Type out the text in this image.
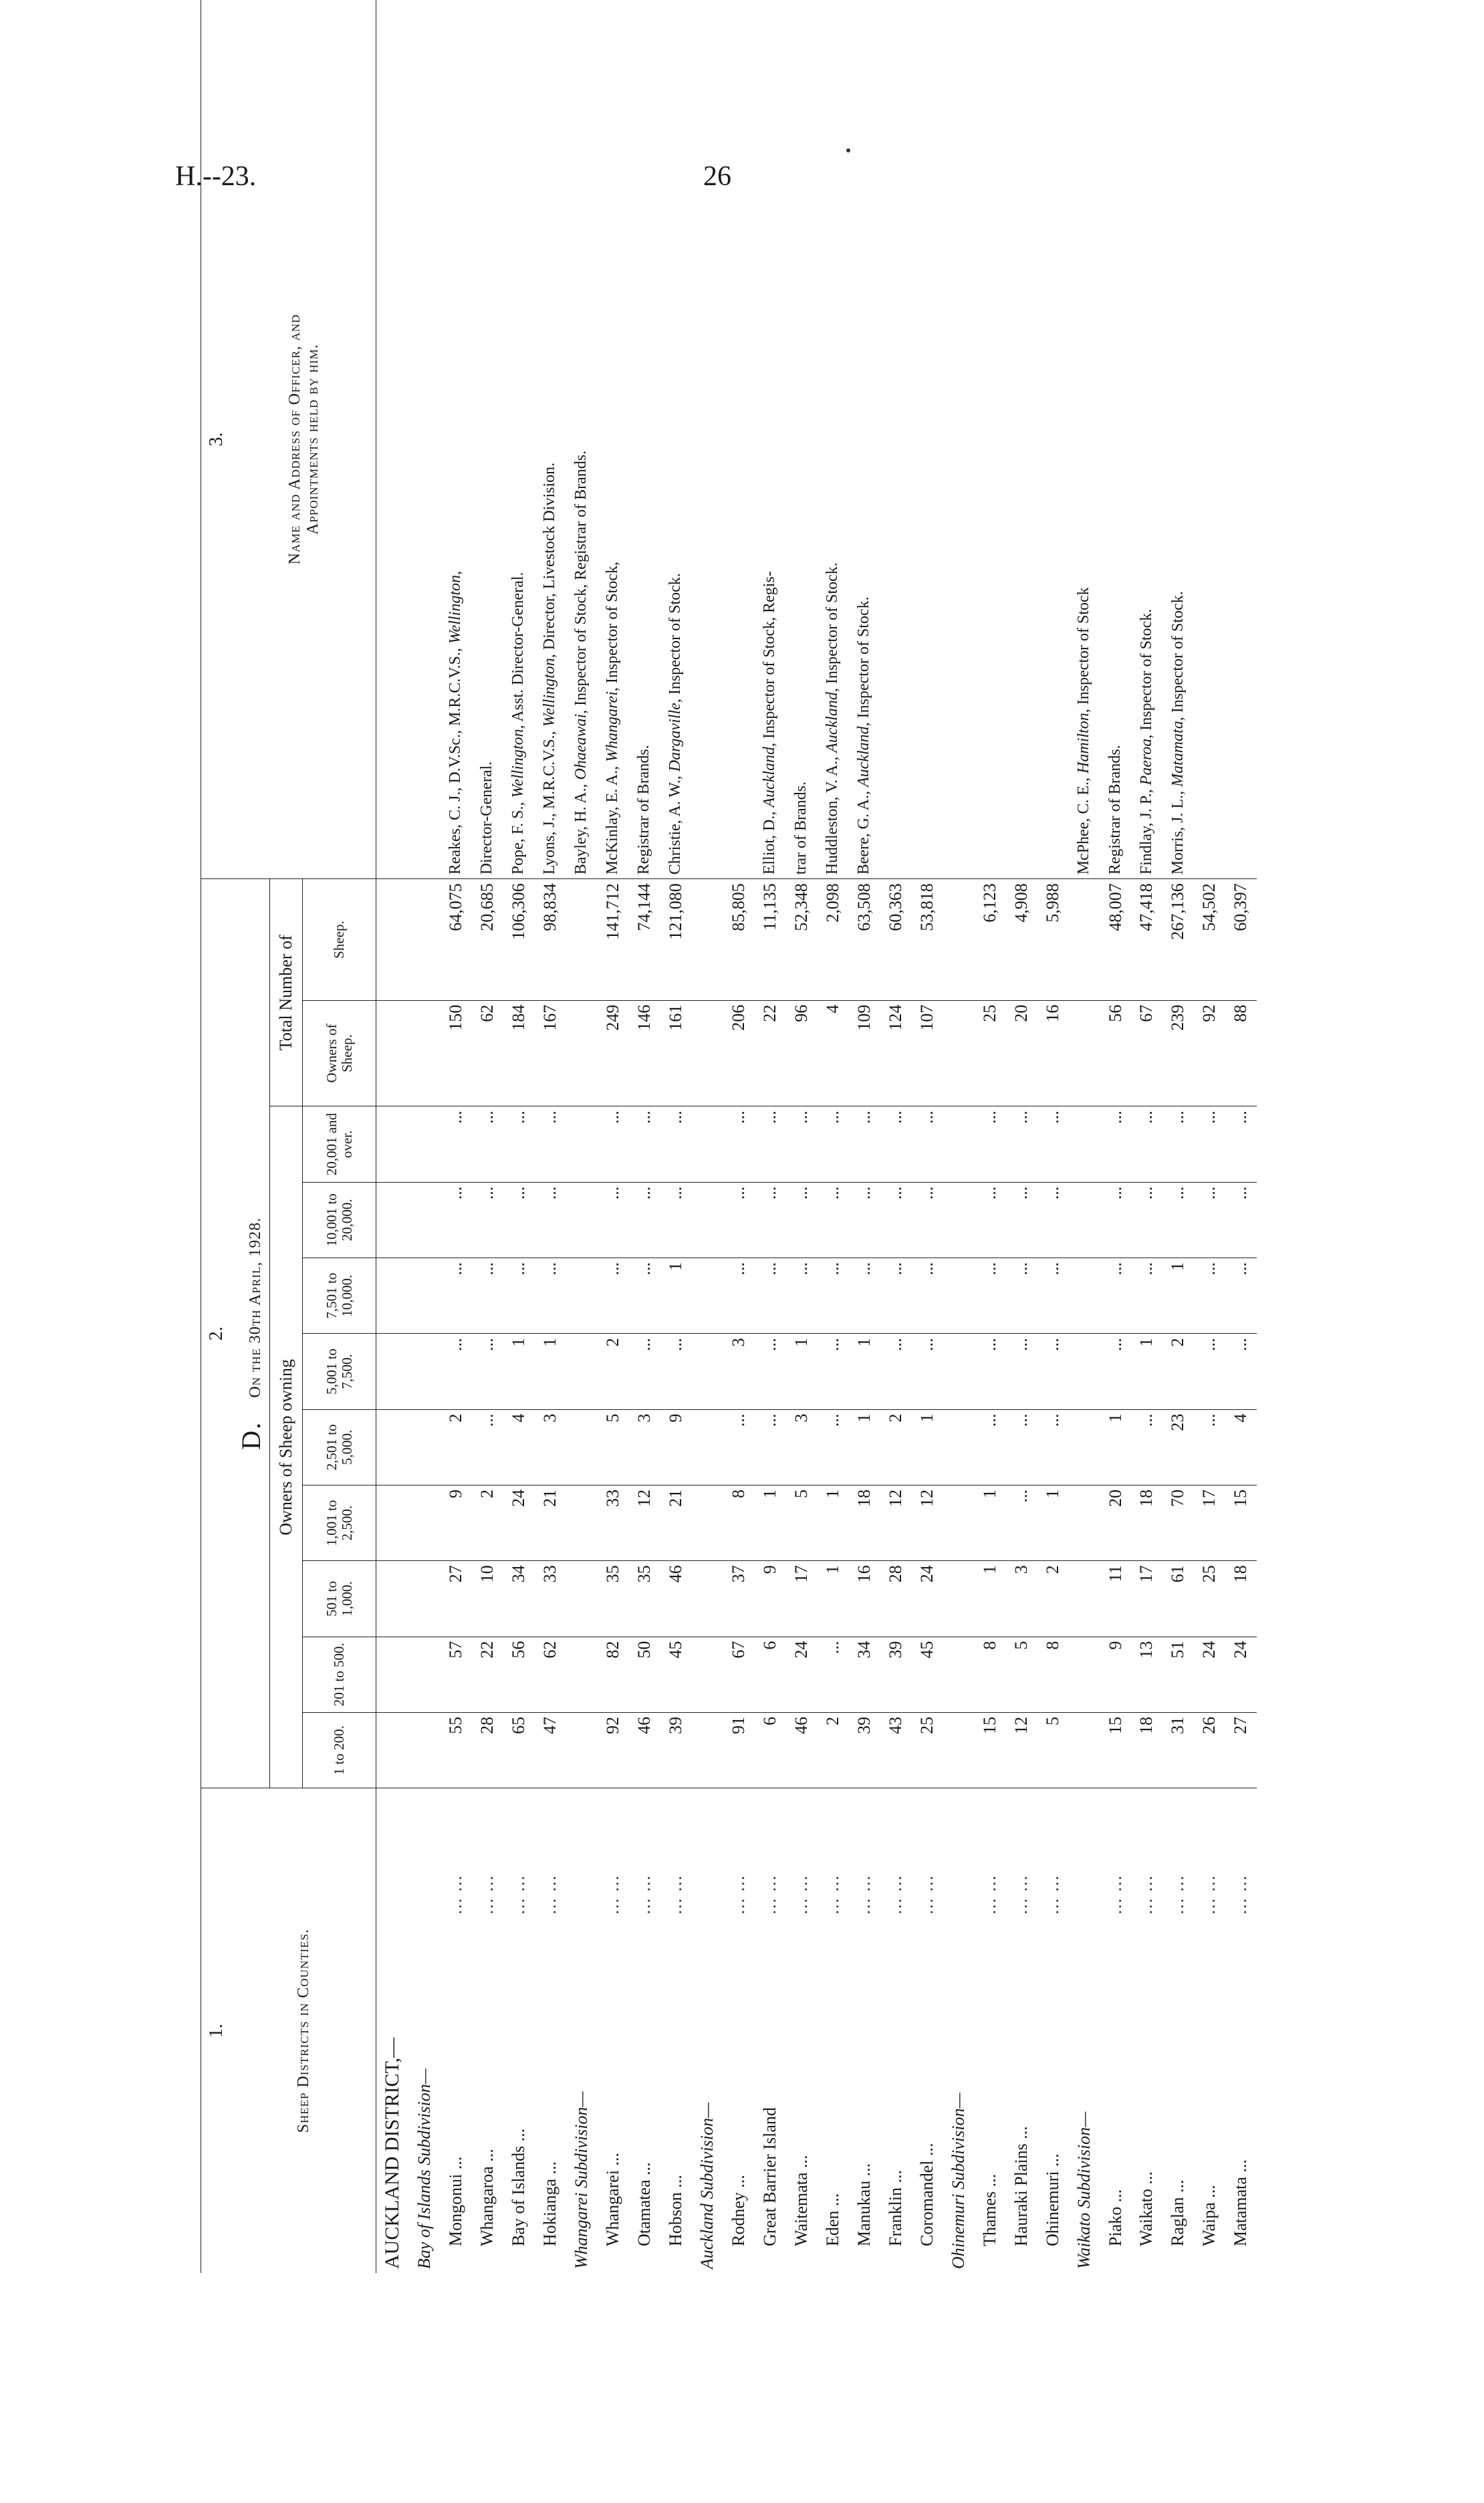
H.--23.	26
1.		2.											3.
Sheep Districts in Counties.		D.     On the 30th April, 1928.											Name and Address of Officer, and Appointments held by him.

		Owners of Sheep owning									Total Number of		
		1 to 200.	201 to 500.	501 to 1,000.	1,001 to 2,500.	2,501 to 5,000.	5,001 to 7,500.	7,501 to 10,000.	10,001 to 20,000.	20,001 and over.	Owners of Sheep.	Sheep.	
AUCKLAND DISTRICT,—													
Bay of Islands Subdivision—													
Mongonui ...	... ...	55	57	27	9	2	...	...	...	...	150	64,075	Reakes, C. J., D.V.Sc., M.R.C.V.S., Wellington,
Whangaroa ...	... ...	28	22	10	2	...	...	...	...	...	62	20,685	Director-General.
Bay of Islands ...	... ...	65	56	34	24	4	1	...	...	...	184	106,306	Pope, F. S., Wellington, Asst. Director-General.
Hokianga ...	... ...	47	62	33	21	3	1	...	...	...	167	98,834	Lyons, J., M.R.C.V.S., Wellington, Director, Livestock Division.
Whangarei Subdivision—													Bayley, H. A., Ohaeawai, Inspector of Stock, Registrar of Brands.
Whangarei ...	... ...	92	82	35	33	5	2	...	...	...	249	141,712	McKinlay, E. A., Whangarei, Inspector of Stock,
Otamatea ...	... ...	46	50	35	12	3	...	...	...	...	146	74,144	Registrar of Brands.
Hobson ...	... ...	39	45	46	21	9	...	1	...	...	161	121,080	Christie, A. W., Dargaville, Inspector of Stock.
Auckland Subdivision—													
Rodney ...	... ...	91	67	37	8	...	3	...	...	...	206	85,805	
Great Barrier Island	... ...	6	6	9	1	...	...	...	...	...	22	11,135	Elliot, D., Auckland, Inspector of Stock, Regis-
Waitemata ...	... ...	46	24	17	5	3	1	...	...	...	96	52,348	trar of Brands.
Eden ...	... ...	2	...	1	1	...	...	...	...	...	4	2,098	Huddleston, V. A., Auckland, Inspector of Stock.
Manukau ...	... ...	39	34	16	18	1	1	...	...	...	109	63,508	Beere, G. A., Auckland, Inspector of Stock.
Franklin ...	... ...	43	39	28	12	2	...	...	...	...	124	60,363	
Coromandel ...	... ...	25	45	24	12	1	...	...	...	...	107	53,818	
Ohinemuri Subdivision—													
Thames ...	... ...	15	8	1	1	...	...	...	...	...	25	6,123	
Hauraki Plains ...	... ...	12	5	3	...	...	...	...	...	...	20	4,908	
Ohinemuri ...	... ...	5	8	2	1	...	...	...	...	...	16	5,988	
Waikato Subdivision—													McPhee, C. E., Hamilton, Inspector of Stock
Piako ...	... ...	15	9	11	20	1	...	...	...	...	56	48,007	Registrar of Brands.
Waikato ...	... ...	18	13	17	18	...	1	...	...	...	67	47,418	Findlay, J. P., Paeroa, Inspector of Stock.
Raglan ...	... ...	31	51	61	70	23	2	1	...	...	239	267,136	Morris, J. L., Matamata, Inspector of Stock.
Waipa ...	... ...	26	24	25	17	...	...	...	...	...	92	54,502	
Matamata ...	... ...	27	24	18	15	4	...	...	...	...	88	60,397	
